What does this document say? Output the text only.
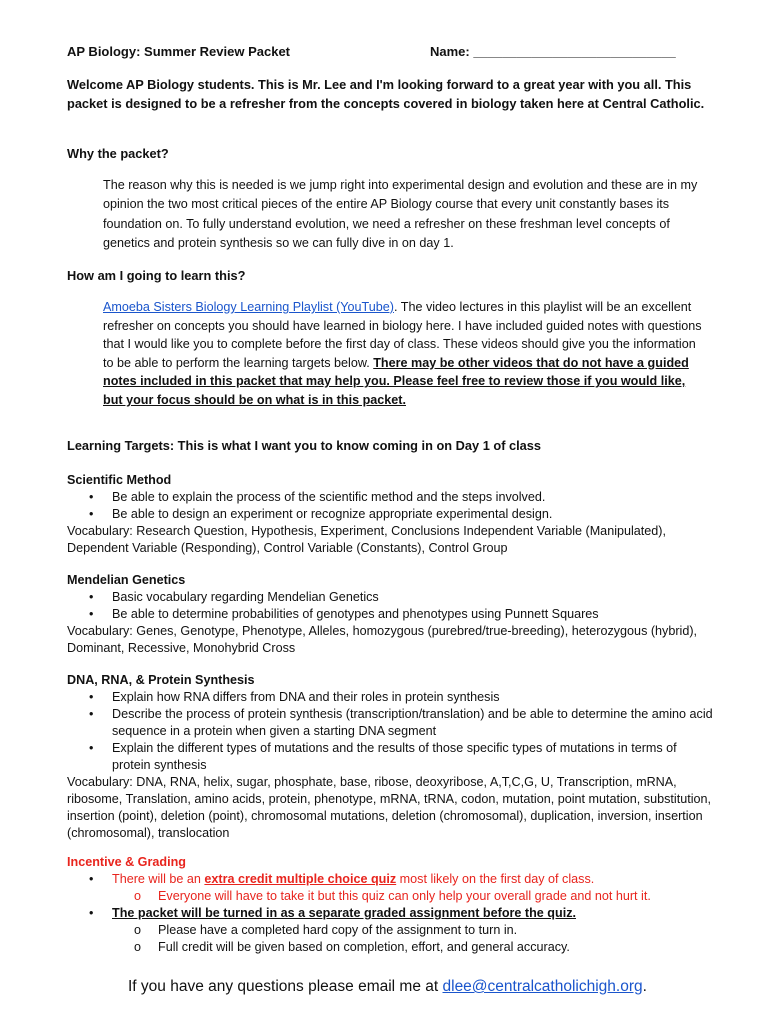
AP Biology: Summer Review Packet	Name: ____________________________
Welcome AP Biology students. This is Mr. Lee and I'm looking forward to a great year with you all. This packet is designed to be a refresher from the concepts covered in biology taken here at Central Catholic.
Why the packet?
The reason why this is needed is we jump right into experimental design and evolution and these are in my opinion the two most critical pieces of the entire AP Biology course that every unit constantly bases its foundation on. To fully understand evolution, we need a refresher on these freshman level concepts of genetics and protein synthesis so we can fully dive in on day 1.
How am I going to learn this?
Amoeba Sisters Biology Learning Playlist (YouTube). The video lectures in this playlist will be an excellent refresher on concepts you should have learned in biology here. I have included guided notes with questions that I would like you to complete before the first day of class. These videos should give you the information to be able to perform the learning targets below. There may be other videos that do not have a guided notes included in this packet that may help you. Please feel free to review those if you would like, but your focus should be on what is in this packet.
Learning Targets: This is what I want you to know coming in on Day 1 of class
Scientific Method
• Be able to explain the process of the scientific method and the steps involved.
• Be able to design an experiment or recognize appropriate experimental design.
Vocabulary: Research Question, Hypothesis, Experiment, Conclusions Independent Variable (Manipulated), Dependent Variable (Responding), Control Variable (Constants), Control Group
Mendelian Genetics
• Basic vocabulary regarding Mendelian Genetics
• Be able to determine probabilities of genotypes and phenotypes using Punnett Squares
Vocabulary: Genes, Genotype, Phenotype, Alleles, homozygous (purebred/true-breeding), heterozygous (hybrid), Dominant, Recessive, Monohybrid Cross
DNA, RNA, & Protein Synthesis
• Explain how RNA differs from DNA and their roles in protein synthesis
• Describe the process of protein synthesis (transcription/translation) and be able to determine the amino acid sequence in a protein when given a starting DNA segment
• Explain the different types of mutations and the results of those specific types of mutations in terms of protein synthesis
Vocabulary: DNA, RNA, helix, sugar, phosphate, base, ribose, deoxyribose, A,T,C,G, U, Transcription, mRNA, ribosome, Translation, amino acids, protein, phenotype, mRNA, tRNA, codon, mutation, point mutation, substitution, insertion (point), deletion (point), chromosomal mutations, deletion (chromosomal), duplication, inversion, insertion (chromosomal), translocation
Incentive & Grading
• There will be an extra credit multiple choice quiz most likely on the first day of class.
o Everyone will have to take it but this quiz can only help your overall grade and not hurt it.
• The packet will be turned in as a separate graded assignment before the quiz.
o Please have a completed hard copy of the assignment to turn in.
o Full credit will be given based on completion, effort, and general accuracy.
If you have any questions please email me at dlee@centralcatholichigh.org.
